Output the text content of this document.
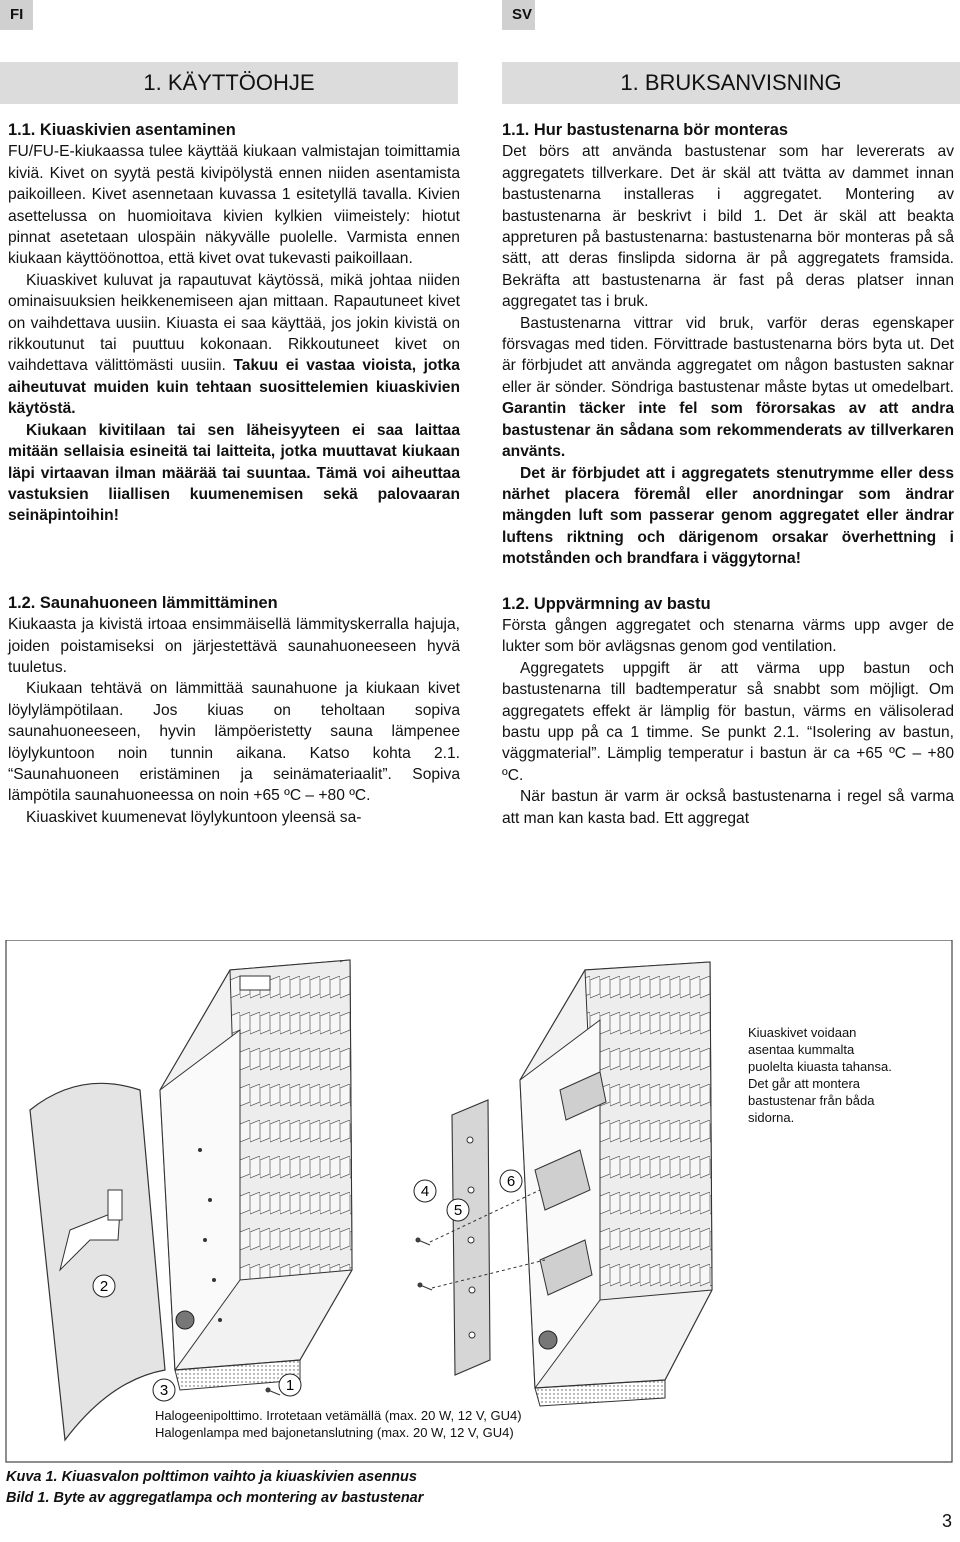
FI	SV
1. KÄYTTÖOHJE	1. BRUKSANVISNING
1.1. Kiuaskivien asentaminen

FU/FU-E-kiukaassa tulee käyttää kiukaan valmistajan toimittamia kiviä. Kivet on syytä pestä kivipölystä ennen niiden asentamista paikoilleen. Kivet asennetaan kuvassa 1 esitetyllä tavalla. Kivien asettelussa on huomioitava kivien kylkien viimeistely: hiotut pinnat asetetaan ulospäin näkyvälle puolelle. Varmista ennen kiukaan käyttöönottoa, että kivet ovat tukevasti paikoillaan.

Kiuaskivet kuluvat ja rapautuvat käytössä, mikä johtaa niiden ominaisuuksien heikkenemiseen ajan mittaan. Rapautuneet kivet on vaihdettava uusiin. Kiuasta ei saa käyttää, jos jokin kivistä on rikkoutunut tai puuttuu kokonaan. Rikkoutuneet kivet on vaihdettava välittömästi uusiin. Takuu ei vastaa vioista, jotka aiheutuvat muiden kuin tehtaan suosittelemien kiuaskivien käytöstä.

Kiukaan kivitilaan tai sen läheisyyteen ei saa laittaa mitään sellaisia esineitä tai laitteita, jotka muuttavat kiukaan läpi virtaavan ilman määrää tai suuntaa. Tämä voi aiheuttaa vastuksien liiallisen kuumenemisen sekä palovaaran seinäpintoihin!

1.2. Saunahuoneen lämmittäminen

Kiukaasta ja kivistä irtoaa ensimmäisellä lämmityskerralla hajuja, joiden poistamiseksi on järjestettävä saunahuoneeseen hyvä tuuletus.

Kiukaan tehtävä on lämmittää saunahuone ja kiukaan kivet löylylämpötilaan. Jos kiuas on teholtaan sopiva saunahuoneeseen, hyvin lämpöeristetty sauna lämpenee löylykuntoon noin tunnin aikana. Katso kohta 2.1. “Saunahuoneen eristäminen ja seinämateriaalit”. Sopiva lämpötila saunahuoneessa on noin +65 ºC – +80 ºC.

Kiuaskivet kuumenevat löylykuntoon yleensä sa-

1.1. Hur bastustenarna bör monteras

Det börs att använda bastustenar som har levererats av aggregatets tillverkare. Det är skäl att tvätta av dammet innan bastustenarna installeras i aggregatet. Montering av bastustenarna är beskrivt i bild 1. Det är skäl att beakta appreturen på bastustenarna: bastustenarna bör monteras på så sätt, att deras finslipda sidorna är på aggregatets framsida. Bekräfta att bastustenarna är fast på deras platser innan aggregatet tas i bruk.

Bastustenarna vittrar vid bruk, varför deras egenskaper försvagas med tiden. Förvittrade bastustenarna börs byta ut. Det är förbjudet att använda aggregatet om någon bastusten saknar eller är sönder. Söndriga bastustenar måste bytas ut omedelbart. Garantin täcker inte fel som förorsakas av att andra bastustenar än sådana som rekommenderats av tillverkaren använts.

Det är förbjudet att i aggregatets stenutrymme eller dess närhet placera föremål eller anordningar som ändrar mängden luft som passerar genom aggregatet eller ändrar luftens riktning och därigenom orsakar överhettning i motstånden och brandfara i väggytorna!

1.2. Uppvärmning av bastu

Första gången aggregatet och stenarna värms upp avger de lukter som bör avlägsnas genom god ventilation.

Aggregatets uppgift är att värma upp bastun och bastustenarna till badtemperatur så snabbt som möjligt. Om aggregatets effekt är lämplig för bastun, värms en välisolerad bastu upp på ca 1 timme. Se punkt 2.1. “Isolering av bastun, väggmaterial”. Lämplig temperatur i bastun är ca +65 ºC – +80 ºC.

När bastun är varm är också bastustenarna i regel så varma att man kan kasta bad. Ett aggregat

1
2
3
4
5
6
Kiuaskivet voidaan
asentaa kummalta
puolelta kiuasta tahansa.
Det går att montera
bastustenar från båda
sidorna.
Halogeenipolttimo. Irrotetaan vetämällä (max. 20 W, 12 V, GU4)
Halogenlampa med bajonetanslutning (max. 20 W, 12 V, GU4)
Kuva 1. Kiuasvalon polttimon vaihto ja kiuaskivien asennus
Bild 1. Byte av aggregatlampa och montering av bastustenar
3
